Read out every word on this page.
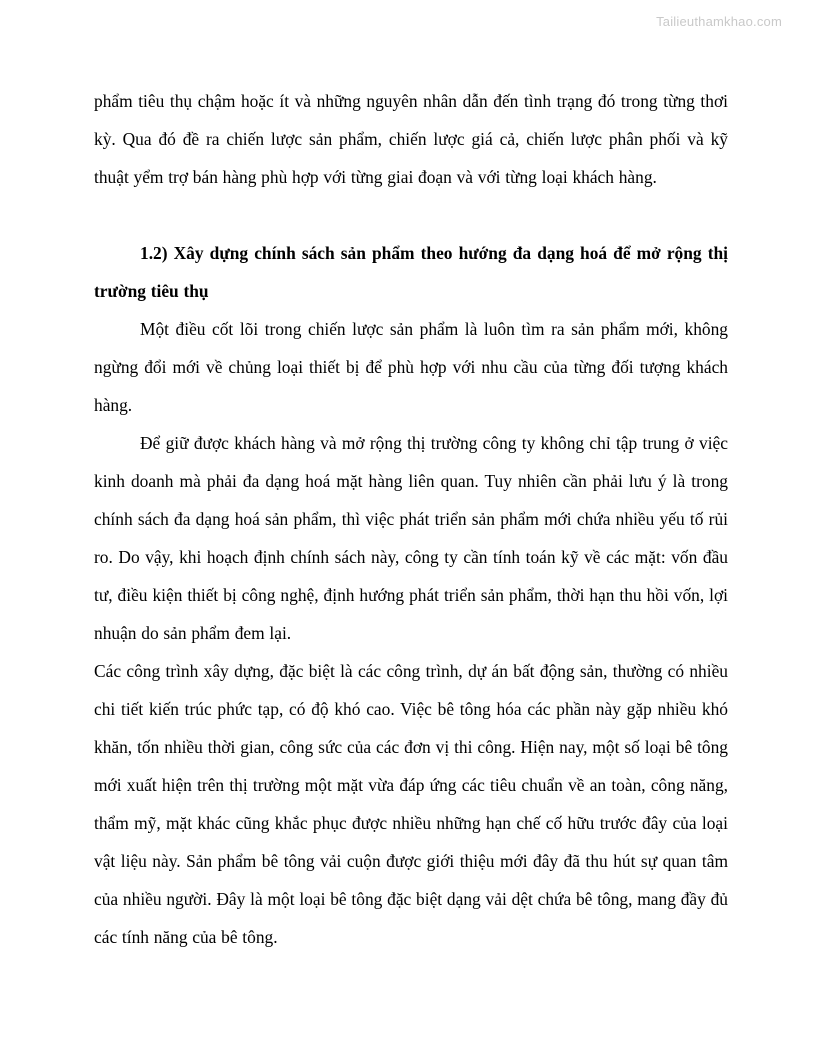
Tailieuthamkhao.com

phẩm tiêu thụ chậm hoặc ít và những nguyên nhân dẫn đến tình trạng đó trong từng thơi kỳ. Qua đó đề ra chiến lược sản phẩm, chiến lược giá cả, chiến lược phân phối và kỹ thuật yểm trợ bán hàng phù hợp với từng giai đoạn và với từng loại khách hàng.

1.2) Xây dựng chính sách sản phẩm theo hướng đa dạng hoá để mở rộng thị trường tiêu thụ

Một điều cốt lõi trong chiến lược sản phẩm là luôn tìm ra sản phẩm mới, không ngừng đổi mới về chủng loại thiết bị để phù hợp với nhu cầu của từng đối tượng khách hàng.

Để giữ được khách hàng và mở rộng thị trường công ty không chỉ tập trung ở việc kinh doanh mà phải đa dạng hoá mặt hàng liên quan. Tuy nhiên cần phải lưu ý là trong chính sách đa dạng hoá sản phẩm, thì việc phát triển sản phẩm mới chứa nhiều yếu tố rủi ro. Do vậy, khi hoạch định chính sách này, công ty cần tính toán kỹ về các mặt: vốn đầu tư, điều kiện thiết bị công nghệ, định hướng phát triển sản phẩm, thời hạn thu hồi vốn, lợi nhuận do sản phẩm đem lại.

Các công trình xây dựng, đặc biệt là các công trình, dự án bất động sản, thường có nhiều chi tiết kiến trúc phức tạp, có độ khó cao. Việc bê tông hóa các phần này gặp nhiều khó khăn, tốn nhiều thời gian, công sức của các đơn vị thi công. Hiện nay, một số loại bê tông mới xuất hiện trên thị trường một mặt vừa đáp ứng các tiêu chuẩn về an toàn, công năng, thẩm mỹ, mặt khác cũng khắc phục được nhiều những hạn chế cố hữu trước đây của loại vật liệu này. Sản phẩm bê tông vải cuộn được giới thiệu mới đây đã thu hút sự quan tâm của nhiều người. Đây là một loại bê tông đặc biệt dạng vải dệt chứa bê tông, mang đầy đủ các tính năng của bê tông.
